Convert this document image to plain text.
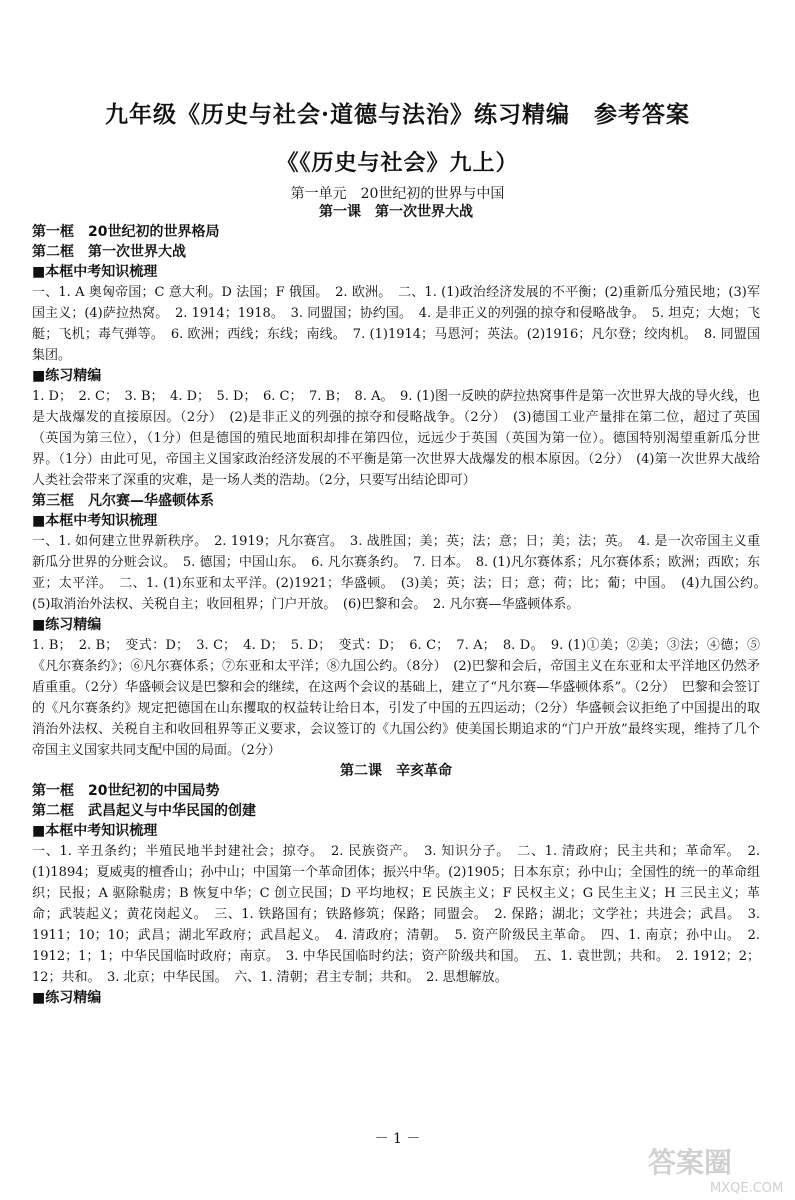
九年级《历史与社会·道德与法治》练习精编　参考答案
《《历史与社会》九上）
第一单元　20世纪初的世界与中国
第一课　第一次世界大战
第一框　20世纪初的世界格局
第二框　第一次世界大战
■本框中考知识梳理
一、1. A 奥匈帝国；C 意大利。D 法国；F 俄国。　2. 欧洲。　二、1. (1)政治经济发展的不平衡；(2)重新瓜分殖民地；(3)军国主义；(4)萨拉热窝。　2. 1914；1918。　3. 同盟国；协约国。　4. 是非正义的列强的掠夺和侵略战争。　5. 坦克；大炮；飞艇；飞机；毒气弹等。　6. 欧洲；西线；东线；南线。　7. (1)1914；马恩河；英法。(2)1916；凡尔登；绞肉机。　8. 同盟国集团。
■练习精编
1. D；　2. C；　3. B；　4. D；　5. D；　6. C；　7. B；　8. A。　9. (1)图一反映的萨拉热窝事件是第一次世界大战的导火线，也是大战爆发的直接原因。（2分）　(2)是非正义的列强的掠夺和侵略战争。（2分）　(3)德国工业产量排在第二位，超过了英国（英国为第三位），（1分）但是德国的殖民地面积却排在第四位，远远少于英国（英国为第一位）。德国特别渴望重新瓜分世界。（1分）由此可见，帝国主义国家政治经济发展的不平衡是第一次世界大战爆发的根本原因。（2分）　(4)第一次世界大战给人类社会带来了深重的灾难，是一场人类的浩劫。（2分，只要写出结论即可）
第三框　凡尔赛—华盛顿体系
■本框中考知识梳理
一、1. 如何建立世界新秩序。　2. 1919；凡尔赛宫。　3. 战胜国；美；英；法；意；日；美；法；英。　4. 是一次帝国主义重新瓜分世界的分赃会议。　5. 德国；中国山东。　6. 凡尔赛条约。　7. 日本。　8. (1)凡尔赛体系；凡尔赛体系；欧洲；西欧；东亚；太平洋。　二、1. (1)东亚和太平洋。(2)1921；华盛顿。　(3)美；英；法；日；意；荷；比；葡；中国。　(4)九国公约。　(5)取消治外法权、关税自主；收回租界；门户开放。　(6)巴黎和会。　2. 凡尔赛—华盛顿体系。
■练习精编
1. B；　2. B；　变式：D；　3. C；　4. D；　5. D；　变式：D；　6. C；　7. A；　8. D。　9. (1)①美；②美；③法；④德；⑤《凡尔赛条约》；⑥凡尔赛体系；⑦东亚和太平洋；⑧九国公约。（8分）　(2)巴黎和会后，帝国主义在东亚和太平洋地区仍然矛盾重重。（2分）华盛顿会议是巴黎和会的继续，在这两个会议的基础上，建立了“凡尔赛—华盛顿体系”。（2分）　巴黎和会签订的《凡尔赛条约》规定把德国在山东攫取的权益转让给日本，引发了中国的五四运动；（2分）华盛顿会议拒绝了中国提出的取消治外法权、关税自主和收回租界等正义要求，会议签订的《九国公约》使美国长期追求的“门户开放”最终实现，维持了几个帝国主义国家共同支配中国的局面。（2分）
第二课　辛亥革命
第一框　20世纪初的中国局势
第二框　武昌起义与中华民国的创建
■本框中考知识梳理
一、1. 辛丑条约；半殖民地半封建社会；掠夺。　2. 民族资产。　3. 知识分子。　二、1. 清政府；民主共和；革命军。　2. (1)1894；夏威夷的檀香山；孙中山；中国第一个革命团体；振兴中华。(2)1905；日本东京；孙中山；全国性的统一的革命组织；民报；A 驱除鞑虏；B 恢复中华；C 创立民国；D 平均地权；E 民族主义；F 民权主义；G 民生主义；H 三民主义；革命；武装起义；黄花岗起义。　三、1. 铁路国有；铁路修筑；保路；同盟会。　2. 保路；湖北；文学社；共进会；武昌。　3. 1911；10；10；武昌；湖北军政府；武昌起义。　4. 清政府；清朝。　5. 资产阶级民主革命。　四、1. 南京；孙中山。　2. 1912；1；1；中华民国临时政府；南京。　3. 中华民国临时约法；资产阶级共和国。　五、1. 袁世凯；共和。　2. 1912；2；12；共和。　3. 北京；中华民国。　六、1. 清朝；君主专制；共和。　2. 思想解放。
■练习精编
－ 1 －
答案圈
MXQE.COM
